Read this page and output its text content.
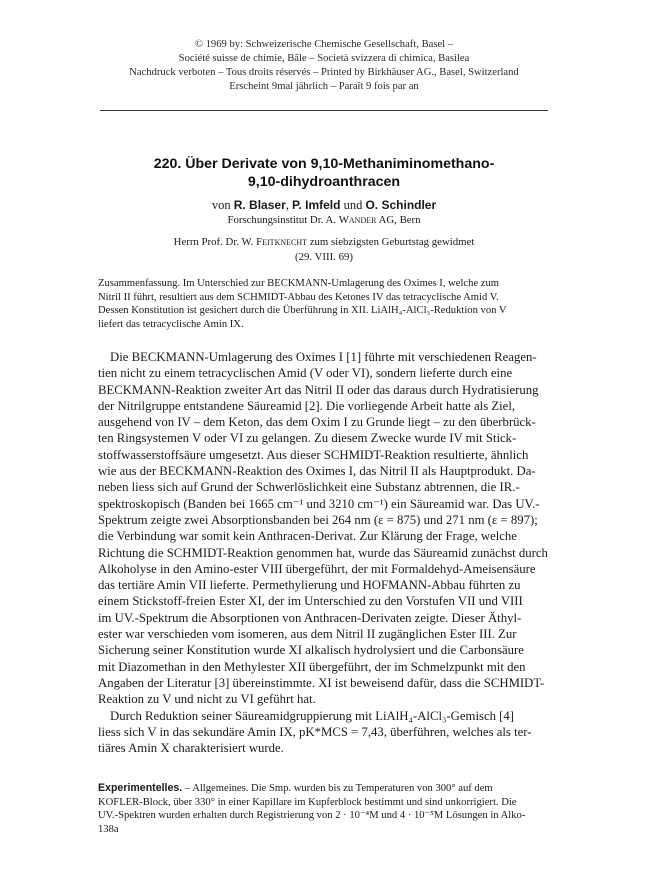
© 1969 by: Schweizerische Chemische Gesellschaft, Basel –
Société suisse de chimie, Bâle – Società svizzera di chimica, Basilea
Nachdruck verboten – Tous droits réservés – Printed by Birkhäuser AG., Basel, Switzerland
Erscheint 9mal jährlich – Paraît 9 fois par an
220. Über Derivate von 9,10-Methaniminomethano-
9,10-dihydroanthracen
von R. Blaser, P. Imfeld und O. Schindler
Forschungsinstitut Dr. A. Wander AG, Bern
Herrn Prof. Dr. W. Feitknecht zum siebzigsten Geburtstag gewidmet
(29. VIII. 69)
Zusammenfassung. Im Unterschied zur BECKMANN-Umlagerung des Oximes I, welche zum
Nitril II führt, resultiert aus dem SCHMIDT-Abbau des Ketones IV das tetracyclische Amid V.
Dessen Konstitution ist gesichert durch die Überführung in XII. LiAlH₄-AlCl₃-Reduktion von V
liefert das tetracyclische Amin IX.
Die BECKMANN-Umlagerung des Oximes I [1] führte mit verschiedenen Reagen-
tien nicht zu einem tetracyclischen Amid (V oder VI), sondern lieferte durch eine
BECKMANN-Reaktion zweiter Art das Nitril II oder das daraus durch Hydratisierung
der Nitrilgruppe entstandene Säureamid [2]. Die vorliegende Arbeit hatte als Ziel,
ausgehend von IV – dem Keton, das dem Oxim I zu Grunde liegt – zu den überbrück-
ten Ringsystemen V oder VI zu gelangen. Zu diesem Zwecke wurde IV mit Stick-
stoffwasserstoffsäure umgesetzt. Aus dieser SCHMIDT-Reaktion resultierte, ähnlich
wie aus der BECKMANN-Reaktion des Oximes I, das Nitril II als Hauptprodukt. Da-
neben liess sich auf Grund der Schwerlöslichkeit eine Substanz abtrennen, die IR.-
spektroskopisch (Banden bei 1665 cm⁻¹ und 3210 cm⁻¹) ein Säureamid war. Das UV.-
Spektrum zeigte zwei Absorptionsbanden bei 264 nm (ε = 875) und 271 nm (ε = 897);
die Verbindung war somit kein Anthracen-Derivat. Zur Klärung der Frage, welche
Richtung die SCHMIDT-Reaktion genommen hat, wurde das Säureamid zunächst durch
Alkoholyse in den Amino-ester VIII übergeführt, der mit Formaldehyd-Ameisensäure
das tertiäre Amin VII lieferte. Permethylierung und HOFMANN-Abbau führten zu
einem Stickstoff-freien Ester XI, der im Unterschied zu den Vorstufen VII und VIII
im UV.-Spektrum die Absorptionen von Anthracen-Derivaten zeigte. Dieser Äthyl-
ester war verschieden vom isomeren, aus dem Nitril II zugänglichen Ester III. Zur
Sicherung seiner Konstitution wurde XI alkalisch hydrolysiert und die Carbonsäure
mit Diazomethan in den Methylester XII übergeführt, der im Schmelzpunkt mit den
Angaben der Literatur [3] übereinstimmte. XI ist beweisend dafür, dass die SCHMIDT-
Reaktion zu V und nicht zu VI geführt hat.
Durch Reduktion seiner Säureamidgruppierung mit LiAlH₄-AlCl₃-Gemisch [4]
liess sich V in das sekundäre Amin IX, pK*MCS = 7,43, überführen, welches als ter-
tiäres Amin X charakterisiert wurde.
Experimentelles. – Allgemeines. Die Smp. wurden bis zu Temperaturen von 300° auf dem
KOFLER-Block, über 330° in einer Kapillare im Kupferblock bestimmt und sind unkorrigiert. Die
UV.-Spektren wurden erhalten durch Registrierung von 2 · 10⁻⁴M und 4 · 10⁻⁵M Lösungen in Alko-
138a
